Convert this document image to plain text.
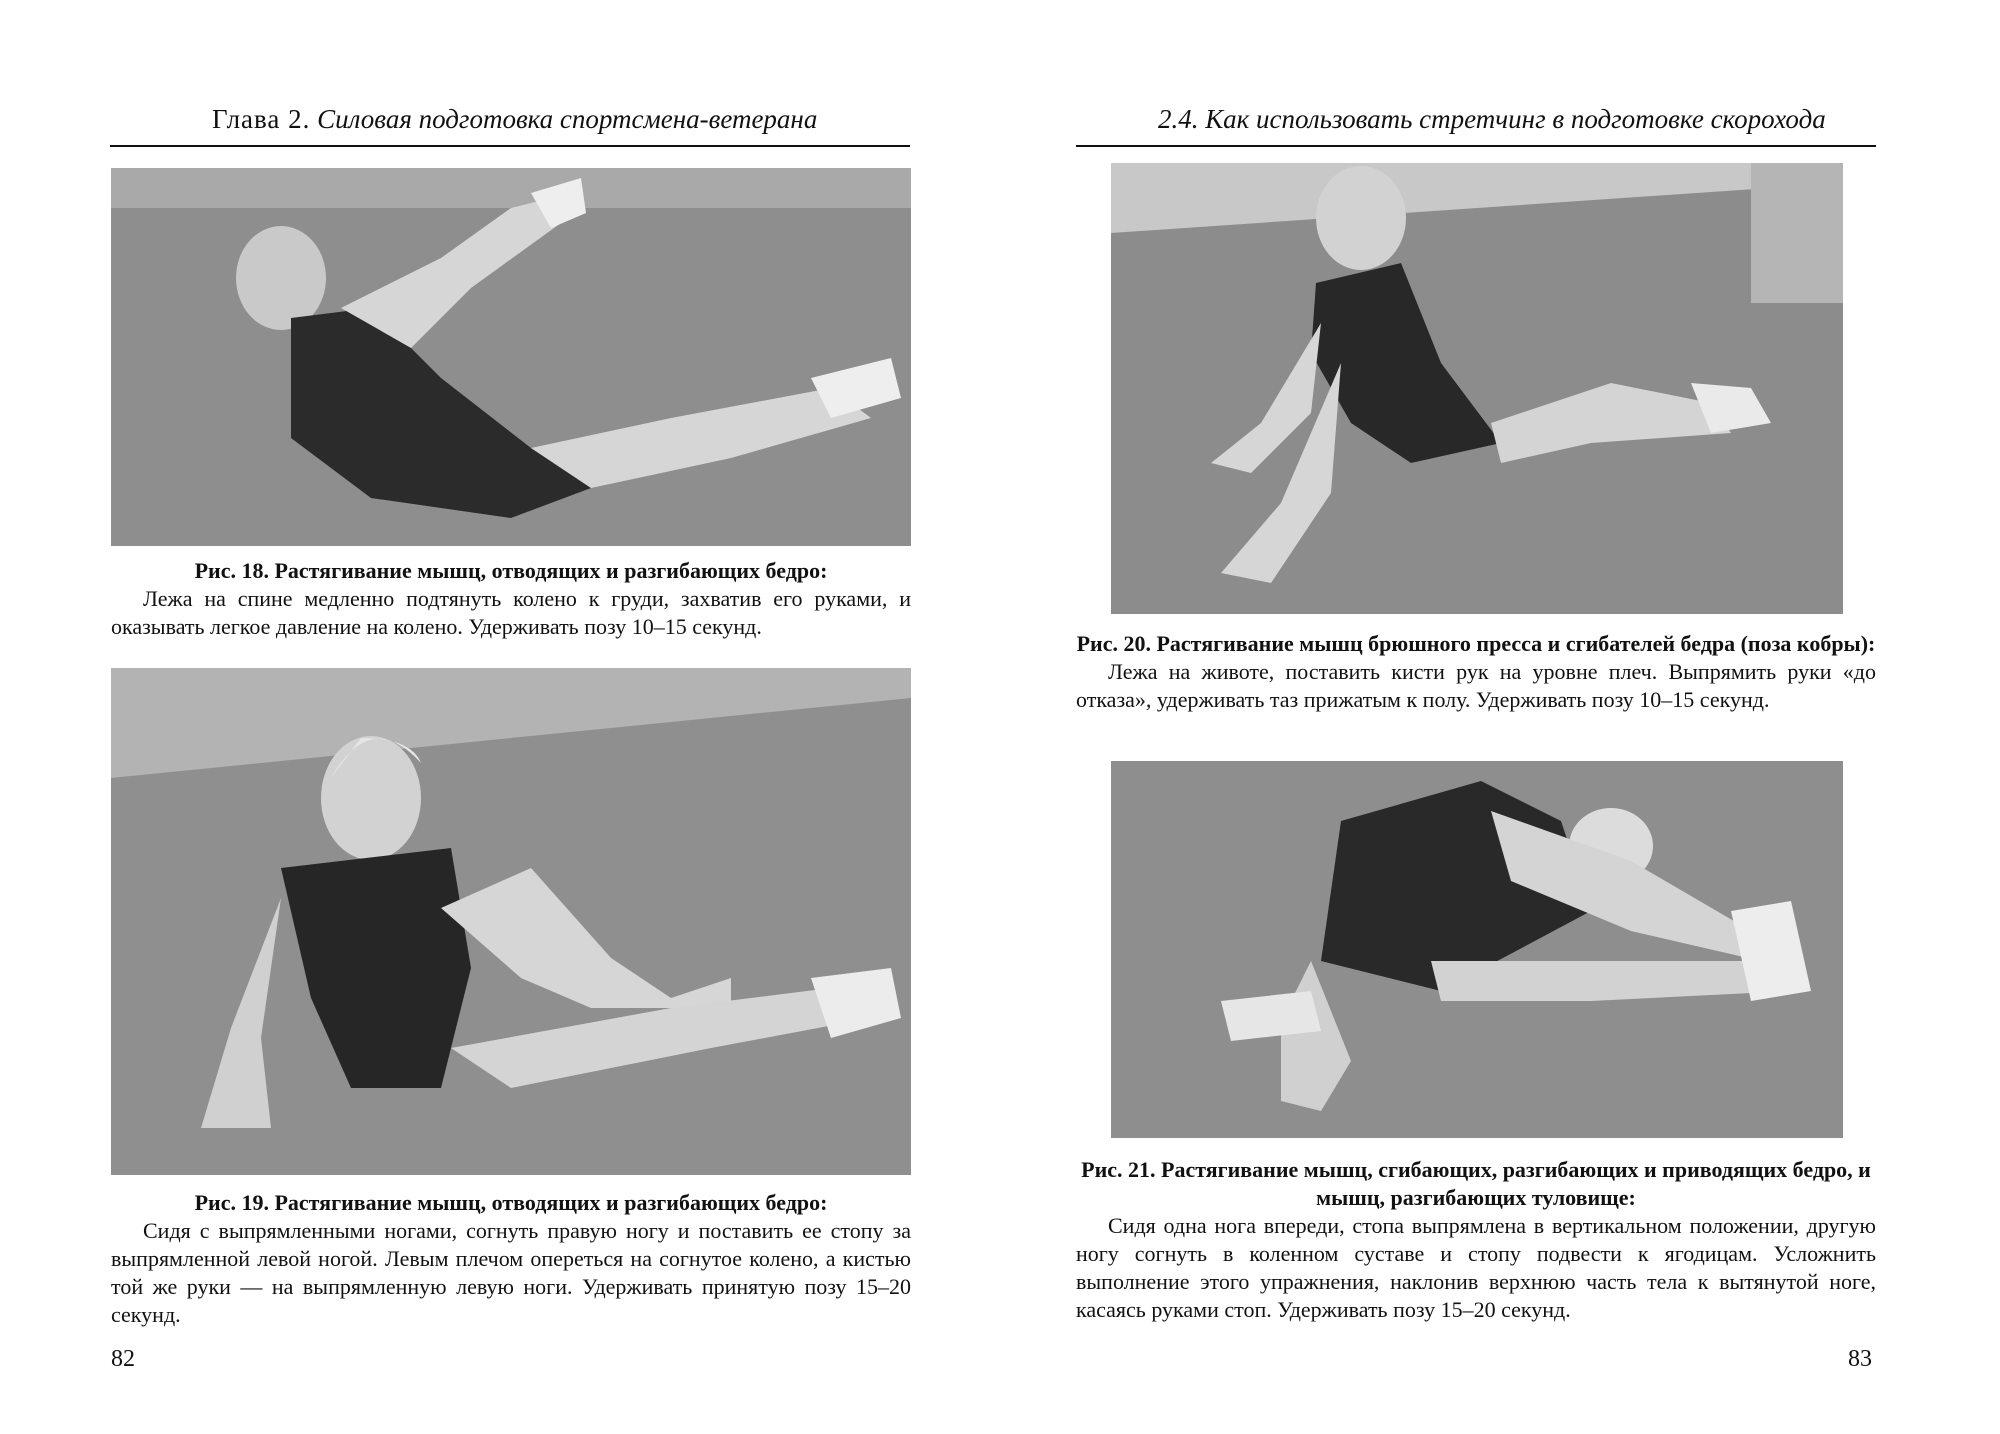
Глава 2. Силовая подготовка спортсмена-ветерана
Рис. 18. Растягивание мышц, отводящих и разгибающих бедро:
Лежа на спине медленно подтянуть колено к груди, захватив его руками, и оказывать легкое давление на колено. Удерживать позу 10–15 секунд.
Рис. 19. Растягивание мышц, отводящих и разгибающих бедро:
Сидя с выпрямленными ногами, согнуть правую ногу и поставить ее стопу за выпрямленной левой ногой. Левым плечом опереться на согнутое колено, а кистью той же руки — на выпрямленную левую ноги. Удерживать принятую позу 15–20 секунд.
82
2.4. Как использовать стретчинг в подготовке скорохода
Рис. 20. Растягивание мышц брюшного пресса и сгибателей бедра (поза кобры):
Лежа на животе, поставить кисти рук на уровне плеч. Выпрямить руки «до отказа», удерживать таз прижатым к полу. Удерживать позу 10–15 секунд.
Рис. 21. Растягивание мышц, сгибающих, разгибающих и приводящих бедро, и мышц, разгибающих туловище:
Сидя одна нога впереди, стопа выпрямлена в вертикальном положении, другую ногу согнуть в коленном суставе и стопу подвести к ягодицам. Усложнить выполнение этого упражнения, наклонив верхнюю часть тела к вытянутой ноге, касаясь руками стоп. Удерживать позу 15–20 секунд.
83
